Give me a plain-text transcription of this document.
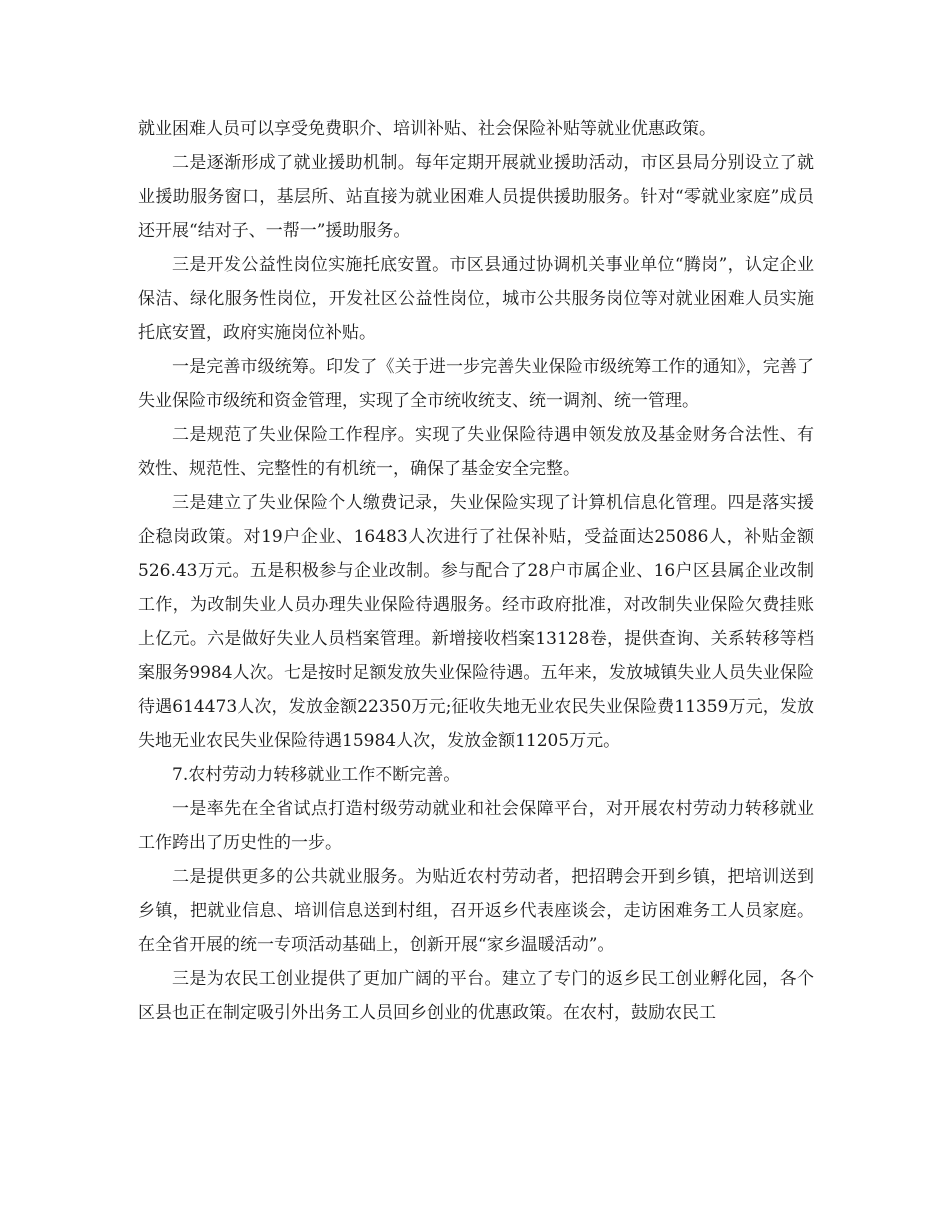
就业困难人员可以享受免费职介、培训补贴、社会保险补贴等就业优惠政策。

二是逐渐形成了就业援助机制。每年定期开展就业援助活动，市区县局分别设立了就业援助服务窗口，基层所、站直接为就业困难人员提供援助服务。针对“零就业家庭”成员还开展“结对子、一帮一”援助服务。

三是开发公益性岗位实施托底安置。市区县通过协调机关事业单位“腾岗”，认定企业保洁、绿化服务性岗位，开发社区公益性岗位，城市公共服务岗位等对就业困难人员实施托底安置，政府实施岗位补贴。

一是完善市级统筹。印发了《关于进一步完善失业保险市级统筹工作的通知》，完善了失业保险市级统和资金管理，实现了全市统收统支、统一调剂、统一管理。

二是规范了失业保险工作程序。实现了失业保险待遇申领发放及基金财务合法性、有效性、规范性、完整性的有机统一，确保了基金安全完整。

三是建立了失业保险个人缴费记录，失业保险实现了计算机信息化管理。四是落实援企稳岗政策。对19户企业、16483人次进行了社保补贴，受益面达25086人，补贴金额526.43万元。五是积极参与企业改制。参与配合了28户市属企业、16户区县属企业改制工作，为改制失业人员办理失业保险待遇服务。经市政府批准，对改制失业保险欠费挂账上亿元。六是做好失业人员档案管理。新增接收档案13128卷，提供查询、关系转移等档案服务9984人次。七是按时足额发放失业保险待遇。五年来，发放城镇失业人员失业保险待遇614473人次，发放金额22350万元;征收失地无业农民失业保险费11359万元，发放失地无业农民失业保险待遇15984人次，发放金额11205万元。

7.农村劳动力转移就业工作不断完善。

一是率先在全省试点打造村级劳动就业和社会保障平台，对开展农村劳动力转移就业工作跨出了历史性的一步。

二是提供更多的公共就业服务。为贴近农村劳动者，把招聘会开到乡镇，把培训送到乡镇，把就业信息、培训信息送到村组，召开返乡代表座谈会，走访困难务工人员家庭。在全省开展的统一专项活动基础上，创新开展“家乡温暖活动”。

三是为农民工创业提供了更加广阔的平台。建立了专门的返乡民工创业孵化园，各个区县也正在制定吸引外出务工人员回乡创业的优惠政策。在农村，鼓励农民工
